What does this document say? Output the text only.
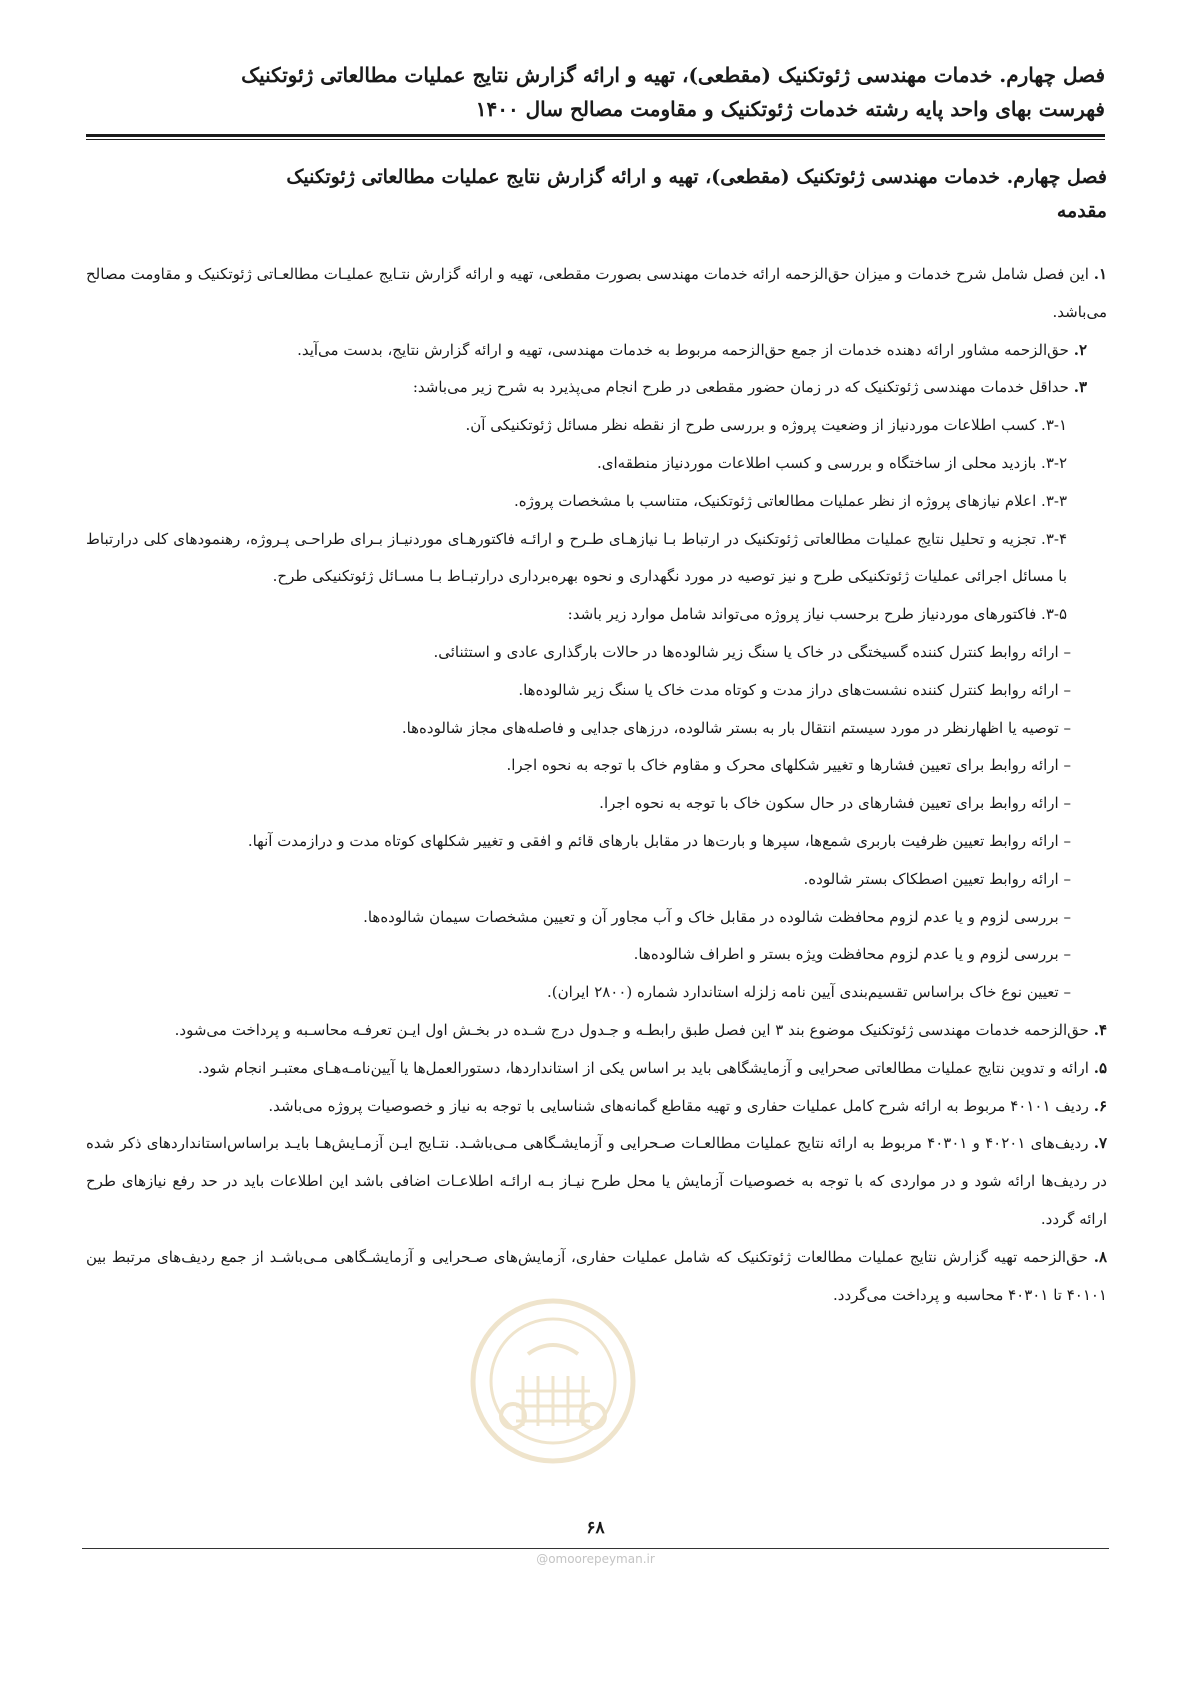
فصل چهارم. خدمات مهندسی ژئوتکنیک (مقطعی)، تهیه و ارائه گزارش نتایج عملیات مطالعاتی ژئوتکنیک
فهرست بهای واحد پایه رشته خدمات ژئوتکنیک و مقاومت مصالح سال ۱۴۰۰
فصل چهارم. خدمات مهندسی ژئوتکنیک (مقطعی)، تهیه و ارائه گزارش نتایج عملیات مطالعاتی ژئوتکنیک
مقدمه
۱. این فصل شامل شرح خدمات و میزان حق‌الزحمه ارائه خدمات مهندسی بصورت مقطعی، تهیه و ارائه گزارش نتـایج عملیـات مطالعـاتی ژئوتکنیک و مقاومت مصالح می‌باشد.
۲. حق‌الزحمه مشاور ارائه دهنده خدمات از جمع حق‌الزحمه مربوط به خدمات مهندسی، تهیه و ارائه گزارش نتایج، بدست می‌آید.
۳. حداقل خدمات مهندسی ژئوتکنیک که در زمان حضور مقطعی در طرح انجام می‌پذیرد به شرح زیر می‌باشد:
۳-۱. کسب اطلاعات موردنیاز از وضعیت پروژه و بررسی طرح از نقطه نظر مسائل ژئوتکنیکی آن.
۳-۲. بازدید محلی از ساختگاه و بررسی و کسب اطلاعات موردنیاز منطقه‌ای.
۳-۳. اعلام نیازهای پروژه از نظر عملیات مطالعاتی ژئوتکنیک، متناسب با مشخصات پروژه.
۳-۴. تجزیه و تحلیل نتایج عملیات مطالعاتی ژئوتکنیک در ارتباط بـا نیازهـای طـرح و ارائـه فاکتورهـای موردنیـاز بـرای طراحـی پـروژه، رهنمودهای کلی درارتباط با مسائل اجرائی عملیات ژئوتکنیکی طرح و نیز توصیه در مورد نگهداری و نحوه بهره‌برداری درارتبـاط بـا مسـائل ژئوتکنیکی طرح.
۳-۵. فاکتورهای موردنیاز طرح برحسب نیاز پروژه می‌تواند شامل موارد زیر باشد:
– ارائه روابط کنترل کننده گسیختگی در خاک یا سنگ زیر شالوده‌ها در حالات بارگذاری عادی و استثنائی.
– ارائه روابط کنترل کننده نشست‌های دراز مدت و کوتاه مدت خاک یا سنگ زیر شالوده‌ها.
– توصیه یا اظهارنظر در مورد سیستم انتقال بار به بستر شالوده، درزهای جدایی و فاصله‌های مجاز شالوده‌ها.
– ارائه روابط برای تعیین فشارها و تغییر شکلهای محرک و مقاوم خاک با توجه به نحوه اجرا.
– ارائه روابط برای تعیین فشارهای در حال سکون خاک با توجه به نحوه اجرا.
– ارائه روابط تعیین ظرفیت باربری شمع‌ها، سپرها و بارت‌ها در مقابل بارهای قائم و افقی و تغییر شکلهای کوتاه مدت و درازمدت آنها.
– ارائه روابط تعیین اصطکاک بستر شالوده.
– بررسی لزوم و یا عدم لزوم محافظت شالوده در مقابل خاک و آب مجاور آن و تعیین مشخصات سیمان شالوده‌ها.
– بررسی لزوم و یا عدم لزوم محافظت ویژه بستر و اطراف شالوده‌ها.
– تعیین نوع خاک براساس تقسیم‌بندی آیین نامه زلزله استاندارد شماره (۲۸۰۰ ایران).
۴. حق‌الزحمه خدمات مهندسی ژئوتکنیک موضوع بند ۳ این فصل طبق رابطـه و جـدول درج شـده در بخـش اول ایـن تعرفـه محاسـبه و پرداخت می‌شود.
۵. ارائه و تدوین نتایج عملیات مطالعاتی صحرایی و آزمایشگاهی باید بر اساس یکی از استانداردها، دستورالعمل‌ها یا آیین‌نامـه‌هـای معتبـر انجام شود.
۶. ردیف ۴۰۱۰۱ مربوط به ارائه شرح کامل عملیات حفاری و تهیه مقاطع گمانه‌های شناسایی با توجه به نیاز و خصوصیات پروژه می‌باشد.
۷. ردیف‌های ۴۰۲۰۱ و ۴۰۳۰۱ مربوط به ارائه نتایج عملیات مطالعـات صـحرایی و آزمایشـگاهی مـی‌باشـد. نتـایج ایـن آزمـایش‌هـا بایـد براساس‌استانداردهای ذکر شده در ردیف‌ها ارائه شود و در مواردی که با توجه به خصوصیات آزمایش یا محل طرح نیـاز بـه ارائـه اطلاعـات اضافی باشد این اطلاعات باید در حد رفع نیازهای طرح ارائه گردد.
۸. حق‌الزحمه تهیه گزارش نتایج عملیات مطالعات ژئوتکنیک که شامل عملیات حفاری، آزمایش‌های صـحرایی و آزمایشـگاهی مـی‌باشـد از جمع ردیف‌های مرتبط بین ۴۰۱۰۱ تا ۴۰۳۰۱ محاسبه و پرداخت می‌گردد.
۶۸
@omoorepeyman.ir
